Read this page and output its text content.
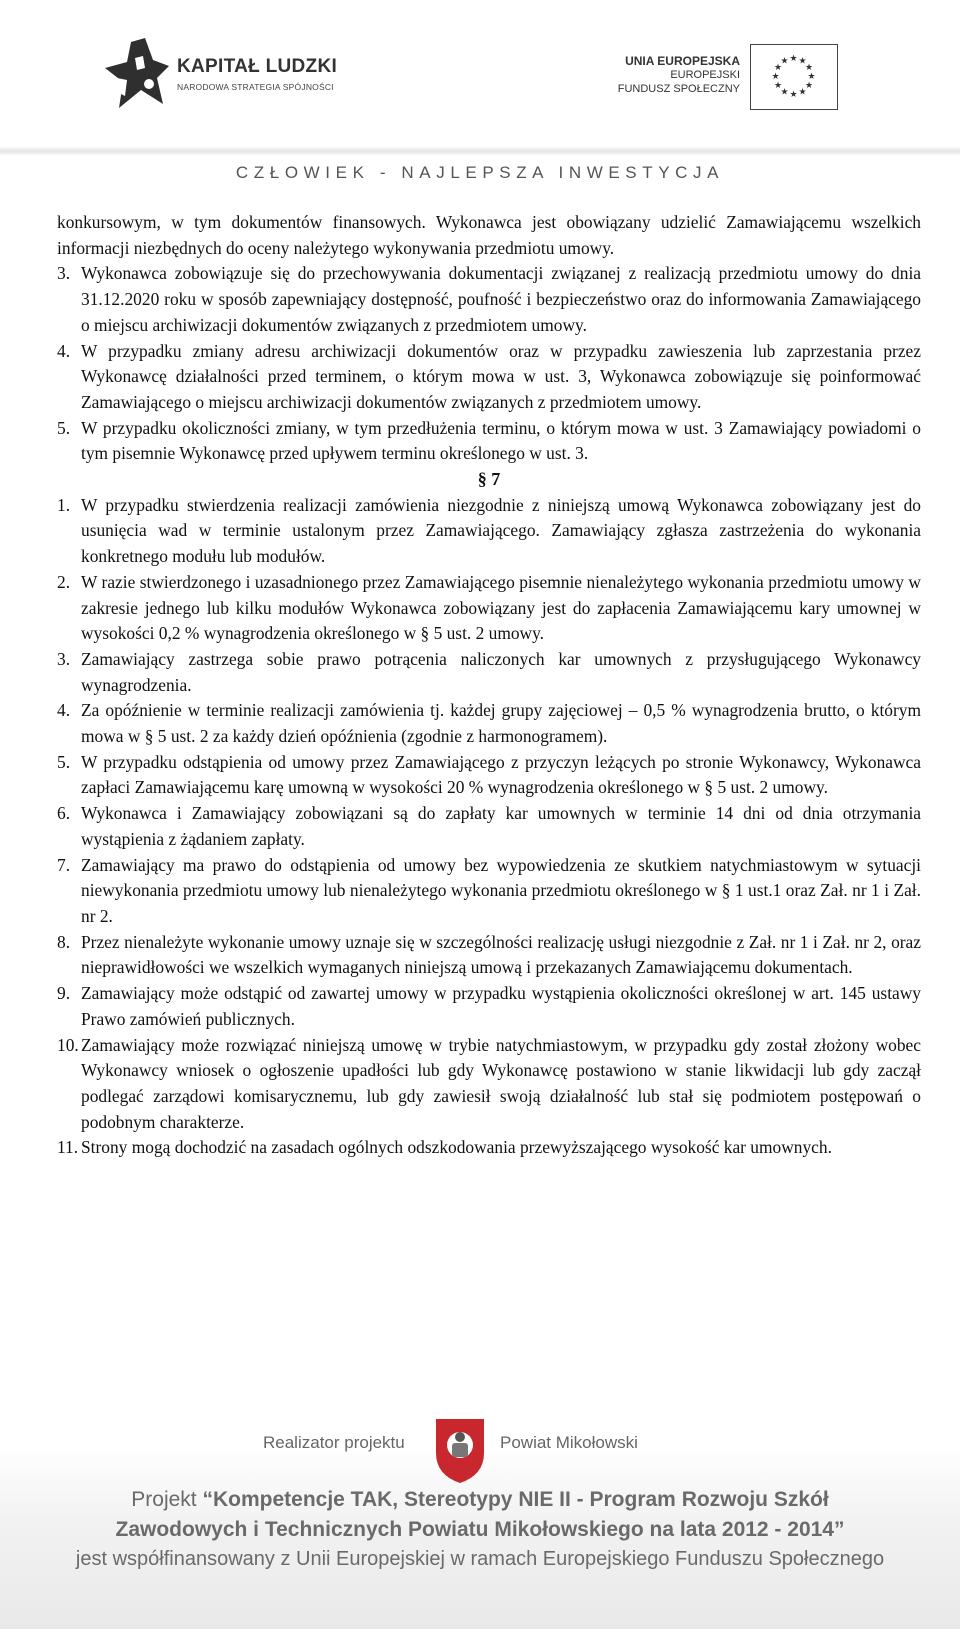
KAPITAŁ LUDZKI
NARODOWA STRATEGIA SPÓJNOŚCI
UNIA EUROPEJSKA
EUROPEJSKI
FUNDUSZ SPOŁECZNY
★ ★
★
★
★
★
★
★
★
★
★
★
CZŁOWIEK - NAJLEPSZA INWESTYCJA

konkursowym, w tym dokumentów finansowych. Wykonawca jest obowiązany udzielić Zamawiającemu wszelkich informacji niezbędnych do oceny należytego wykonywania przedmiotu umowy.

3. Wykonawca zobowiązuje się do przechowywania dokumentacji związanej z realizacją przedmiotu umowy do dnia 31.12.2020 roku w sposób zapewniający dostępność, poufność i bezpieczeństwo oraz do informowania Zamawiającego o miejscu archiwizacji dokumentów związanych z przedmiotem umowy.

4. W przypadku zmiany adresu archiwizacji dokumentów oraz w przypadku zawieszenia lub zaprzestania przez Wykonawcę działalności przed terminem, o którym mowa w ust. 3, Wykonawca zobowiązuje się poinformować Zamawiającego o miejscu archiwizacji dokumentów związanych z przedmiotem umowy.

5. W przypadku okoliczności zmiany, w tym przedłużenia terminu, o którym mowa w ust. 3 Zamawiający powiadomi o tym pisemnie Wykonawcę przed upływem terminu określonego w ust. 3.

§ 7

1. W przypadku stwierdzenia realizacji zamówienia niezgodnie z niniejszą umową Wykonawca zobowiązany jest do usunięcia wad w terminie ustalonym przez Zamawiającego. Zamawiający zgłasza zastrzeżenia do wykonania konkretnego modułu lub modułów.

2. W razie stwierdzonego i uzasadnionego przez Zamawiającego pisemnie nienależytego wykonania przedmiotu umowy w zakresie jednego lub kilku modułów Wykonawca zobowiązany jest do zapłacenia Zamawiającemu kary umownej w wysokości 0,2 % wynagrodzenia określonego w § 5 ust. 2 umowy.

3. Zamawiający zastrzega sobie prawo potrącenia naliczonych kar umownych z przysługującego Wykonawcy wynagrodzenia.

4. Za opóźnienie w terminie realizacji zamówienia tj. każdej grupy zajęciowej – 0,5 % wynagrodzenia brutto, o którym mowa w § 5 ust. 2 za każdy dzień opóźnienia (zgodnie z harmonogramem).

5. W przypadku odstąpienia od umowy przez Zamawiającego z przyczyn leżących po stronie Wykonawcy, Wykonawca zapłaci Zamawiającemu karę umowną w wysokości 20 % wynagrodzenia określonego w § 5 ust. 2 umowy.

6. Wykonawca i Zamawiający zobowiązani są do zapłaty kar umownych w terminie 14 dni od dnia otrzymania wystąpienia z żądaniem zapłaty.

7. Zamawiający ma prawo do odstąpienia od umowy bez wypowiedzenia ze skutkiem natychmiastowym w sytuacji niewykonania przedmiotu umowy lub nienależytego wykonania przedmiotu określonego w § 1 ust.1 oraz Zał. nr 1 i Zał. nr 2.

8. Przez nienależyte wykonanie umowy uznaje się w szczególności realizację usługi niezgodnie z Zał. nr 1 i Zał. nr 2, oraz nieprawidłowości we wszelkich wymaganych niniejszą umową i przekazanych Zamawiającemu dokumentach.

9. Zamawiający może odstąpić od zawartej umowy w przypadku wystąpienia okoliczności określonej w art. 145 ustawy Prawo zamówień publicznych.

10. Zamawiający może rozwiązać niniejszą umowę w trybie natychmiastowym, w przypadku gdy został złożony wobec Wykonawcy wniosek o ogłoszenie upadłości lub gdy Wykonawcę postawiono w stanie likwidacji lub gdy zaczął podlegać zarządowi komisarycznemu, lub gdy zawiesił swoją działalność lub stał się podmiotem postępowań o podobnym charakterze.

11. Strony mogą dochodzić na zasadach ogólnych odszkodowania przewyższającego wysokość kar umownych.

Realizator projektu	Powiat Mikołowski
Projekt “Kompetencje TAK, Stereotypy NIE II - Program Rozwoju Szkół
Zawodowych i Technicznych Powiatu Mikołowskiego na lata 2012 - 2014”
jest współfinansowany z Unii Europejskiej w ramach Europejskiego Funduszu Społecznego
